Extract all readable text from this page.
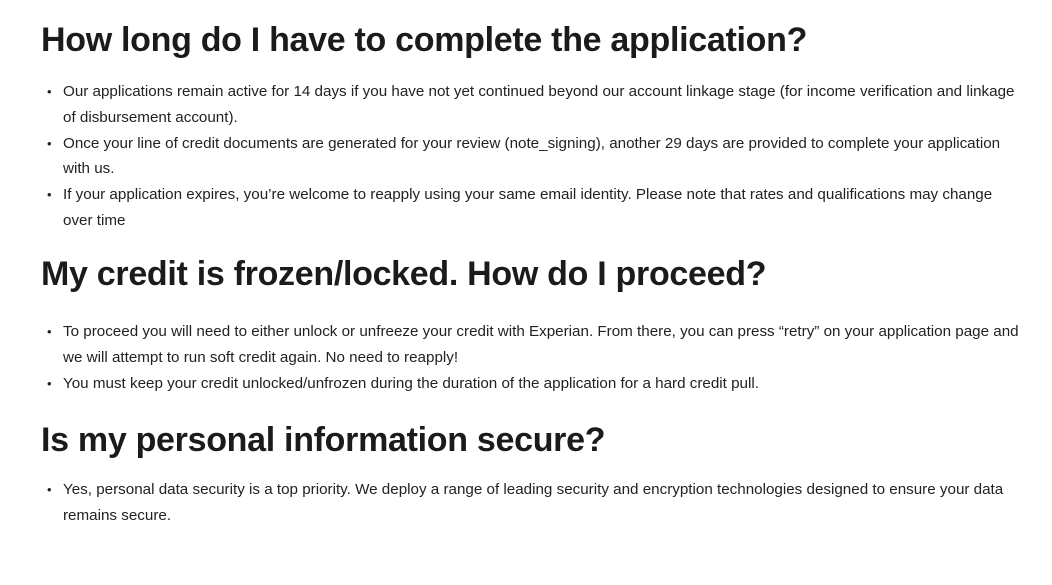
How long do I have to complete the application?
• Our applications remain active for 14 days if you have not yet continued beyond our account linkage stage (for income verification and linkage of disbursement account).
• Once your line of credit documents are generated for your review (note_signing), another 29 days are provided to complete your application with us.
• If your application expires, you’re welcome to reapply using your same email identity. Please note that rates and qualifications may change over time
My credit is frozen/locked. How do I proceed?
• To proceed you will need to either unlock or unfreeze your credit with Experian. From there, you can press “retry” on your application page and we will attempt to run soft credit again. No need to reapply!
• You must keep your credit unlocked/unfrozen during the duration of the application for a hard credit pull.
Is my personal information secure?
• Yes, personal data security is a top priority. We deploy a range of leading security and encryption technologies designed to ensure your data remains secure.
